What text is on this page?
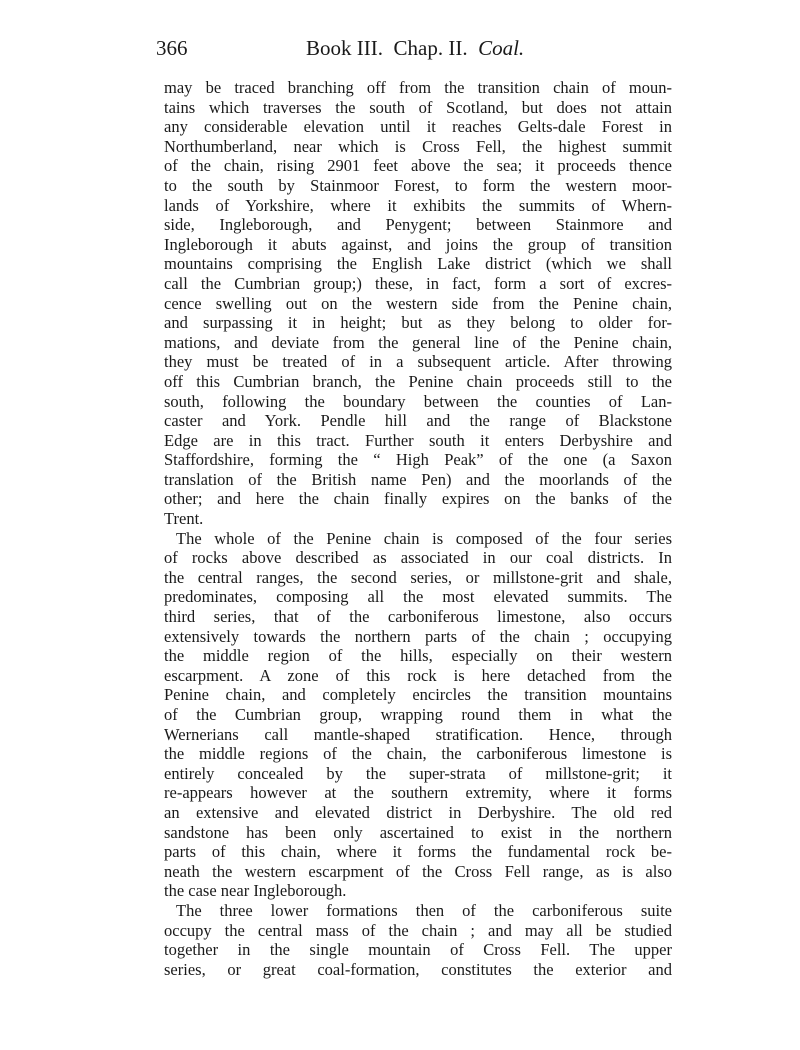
366	Book III. Chap. II. Coal.
may be traced branching off from the transition chain of moun-
tains which traverses the south of Scotland, but does not attain
any considerable elevation until it reaches Gelts-dale Forest in
Northumberland, near which is Cross Fell, the highest summit
of the chain, rising 2901 feet above the sea; it proceeds thence
to the south by Stainmoor Forest, to form the western moor-
lands of Yorkshire, where it exhibits the summits of Whern-
side, Ingleborough, and Penygent; between Stainmore and
Ingleborough it abuts against, and joins the group of transition
mountains comprising the English Lake district (which we shall
call the Cumbrian group;) these, in fact, form a sort of excres-
cence swelling out on the western side from the Penine chain,
and surpassing it in height; but as they belong to older for-
mations, and deviate from the general line of the Penine chain,
they must be treated of in a subsequent article. After throwing
off this Cumbrian branch, the Penine chain proceeds still to the
south, following the boundary between the counties of Lan-
caster and York. Pendle hill and the range of Blackstone
Edge are in this tract. Further south it enters Derbyshire and
Staffordshire, forming the “ High Peak” of the one (a Saxon
translation of the British name Pen) and the moorlands of the
other; and here the chain finally expires on the banks of the
Trent.
The whole of the Penine chain is composed of the four series
of rocks above described as associated in our coal districts. In
the central ranges, the second series, or millstone-grit and shale,
predominates, composing all the most elevated summits. The
third series, that of the carboniferous limestone, also occurs
extensively towards the northern parts of the chain ; occupying
the middle region of the hills, especially on their western
escarpment. A zone of this rock is here detached from the
Penine chain, and completely encircles the transition mountains
of the Cumbrian group, wrapping round them in what the
Wernerians call mantle-shaped stratification. Hence, through
the middle regions of the chain, the carboniferous limestone is
entirely concealed by the super-strata of millstone-grit; it
re-appears however at the southern extremity, where it forms
an extensive and elevated district in Derbyshire. The old red
sandstone has been only ascertained to exist in the northern
parts of this chain, where it forms the fundamental rock be-
neath the western escarpment of the Cross Fell range, as is also
the case near Ingleborough.
The three lower formations then of the carboniferous suite
occupy the central mass of the chain ; and may all be studied
together in the single mountain of Cross Fell. The upper
series, or great coal-formation, constitutes the exterior and
